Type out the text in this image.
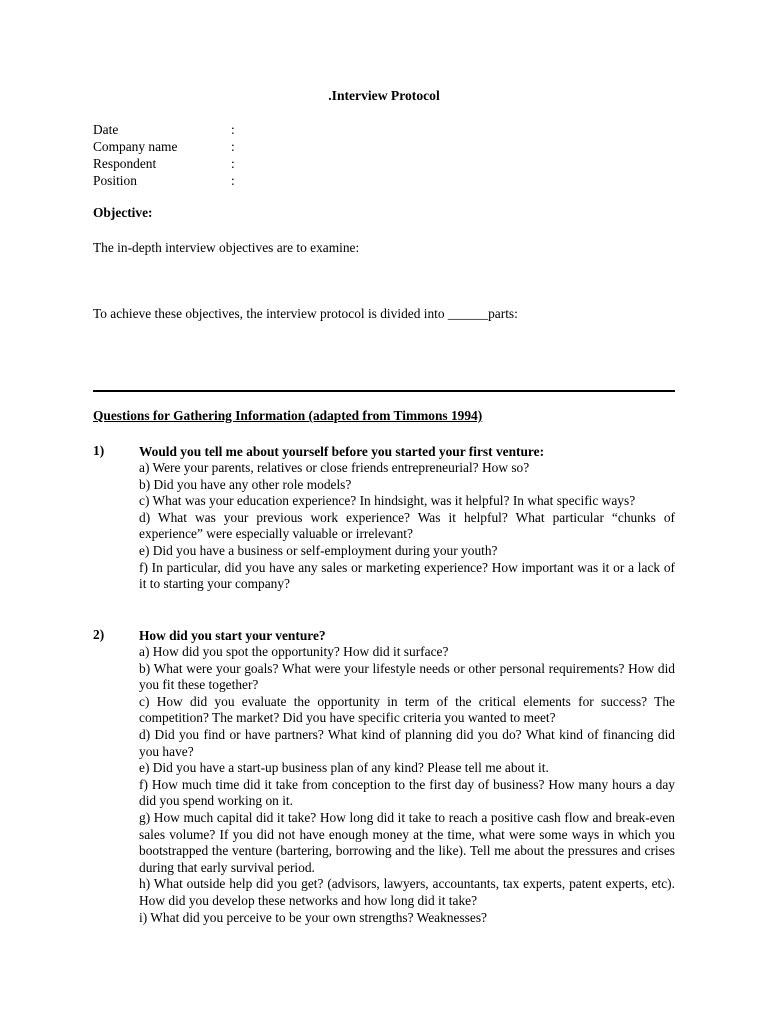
.Interview Protocol
Date	:
Company name	:
Respondent	:
Position	:
Objective:
The in-depth interview objectives are to examine:
To achieve these objectives, the interview protocol is divided into ______parts:
Questions for Gathering Information (adapted from Timmons 1994)
1)	Would you tell me about yourself before you started your first venture:
a) Were your parents, relatives or close friends entrepreneurial? How so?
b) Did you have any other role models?
c) What was your education experience? In hindsight, was it helpful? In what specific ways?
d) What was your previous work experience? Was it helpful? What particular “chunks of experience” were especially valuable or irrelevant?
e) Did you have a business or self-employment during your youth?
f) In particular, did you have any sales or marketing experience? How important was it or a lack of it to starting your company?
2)	How did you start your venture?
a) How did you spot the opportunity? How did it surface?
b) What were your goals? What were your lifestyle needs or other personal requirements? How did you fit these together?
c) How did you evaluate the opportunity in term of the critical elements for success? The competition? The market? Did you have specific criteria you wanted to meet?
d) Did you find or have partners? What kind of planning did you do? What kind of financing did you have?
e) Did you have a start-up business plan of any kind? Please tell me about it.
f) How much time did it take from conception to the first day of business? How many hours a day did you spend working on it.
g) How much capital did it take? How long did it take to reach a positive cash flow and break-even sales volume? If you did not have enough money at the time, what were some ways in which you bootstrapped the venture (bartering, borrowing and the like). Tell me about the pressures and crises during that early survival period.
h) What outside help did you get? (advisors, lawyers, accountants, tax experts, patent experts, etc). How did you develop these networks and how long did it take?
i) What did you perceive to be your own strengths? Weaknesses?
